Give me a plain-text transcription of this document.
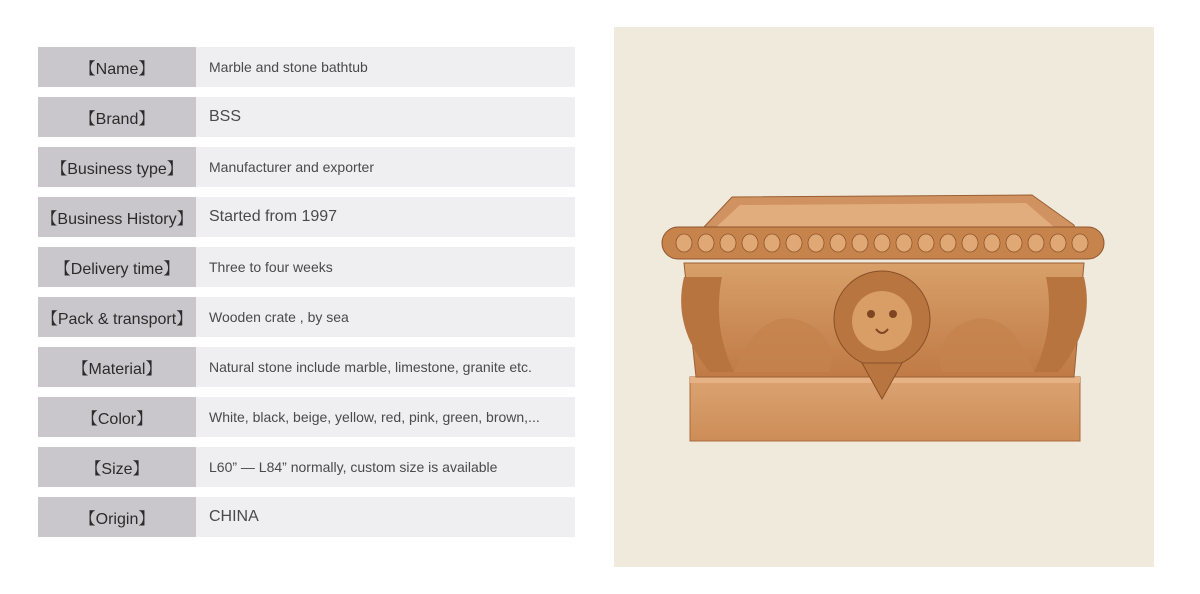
【Name】	Marble and stone bathtub
【Brand】	BSS
【Business type】	Manufacturer and exporter
【Business History】	Started from 1997
【Delivery time】	Three to four weeks
【Pack & transport】	Wooden crate , by sea
【Material】	Natural stone include marble, limestone, granite etc.
【Color】	White, black, beige, yellow, red, pink, green, brown,...
【Size】	L60” — L84” normally, custom size is available
【Origin】	CHINA
